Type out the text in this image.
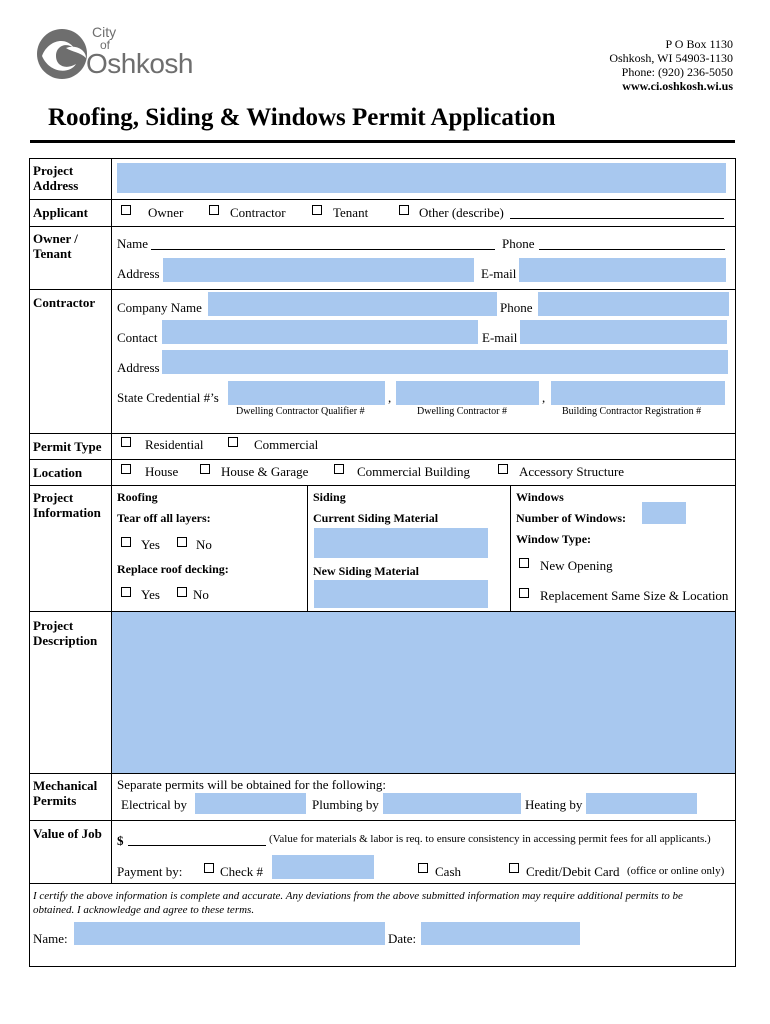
City
of
Oshkosh
P O Box 1130
Oshkosh, WI 54903-1130
Phone: (920) 236-5050
www.ci.oshkosh.wi.us
Roofing, Siding & Windows Permit Application
Project Address
Applicant	Owner	Contractor	Tenant	Other (describe)
Owner / Tenant
Name	Phone
Address	E-mail
Contractor Company Name	Phone
Contact	E-mail
Address
State Credential #’s	,	,
Dwelling Contractor Qualifier #	Dwelling Contractor #	Building Contractor Registration #
Permit Type	Residential	Commercial
Location	House	House & Garage	Commercial Building	Accessory Structure
Project Information
Roofing
Tear off all layers:
Yes	No
Replace roof decking:
Yes	No
Siding
Current Siding Material
New Siding Material
Windows
Number of Windows:
Window Type:
New Opening
Replacement Same Size & Location
Project Description
Mechanical Permits
Separate permits will be obtained for the following:
Electrical by	Plumbing by	Heating by
Value of Job $	(Value for materials & labor is req. to ensure consistency in accessing permit fees for all applicants.)
Payment by:	Check #	Cash	Credit/Debit Card (office or online only)
I certify the above information is complete and accurate. Any deviations from the above submitted information may require additional permits to be obtained. I acknowledge and agree to these terms.
Name:	Date:
